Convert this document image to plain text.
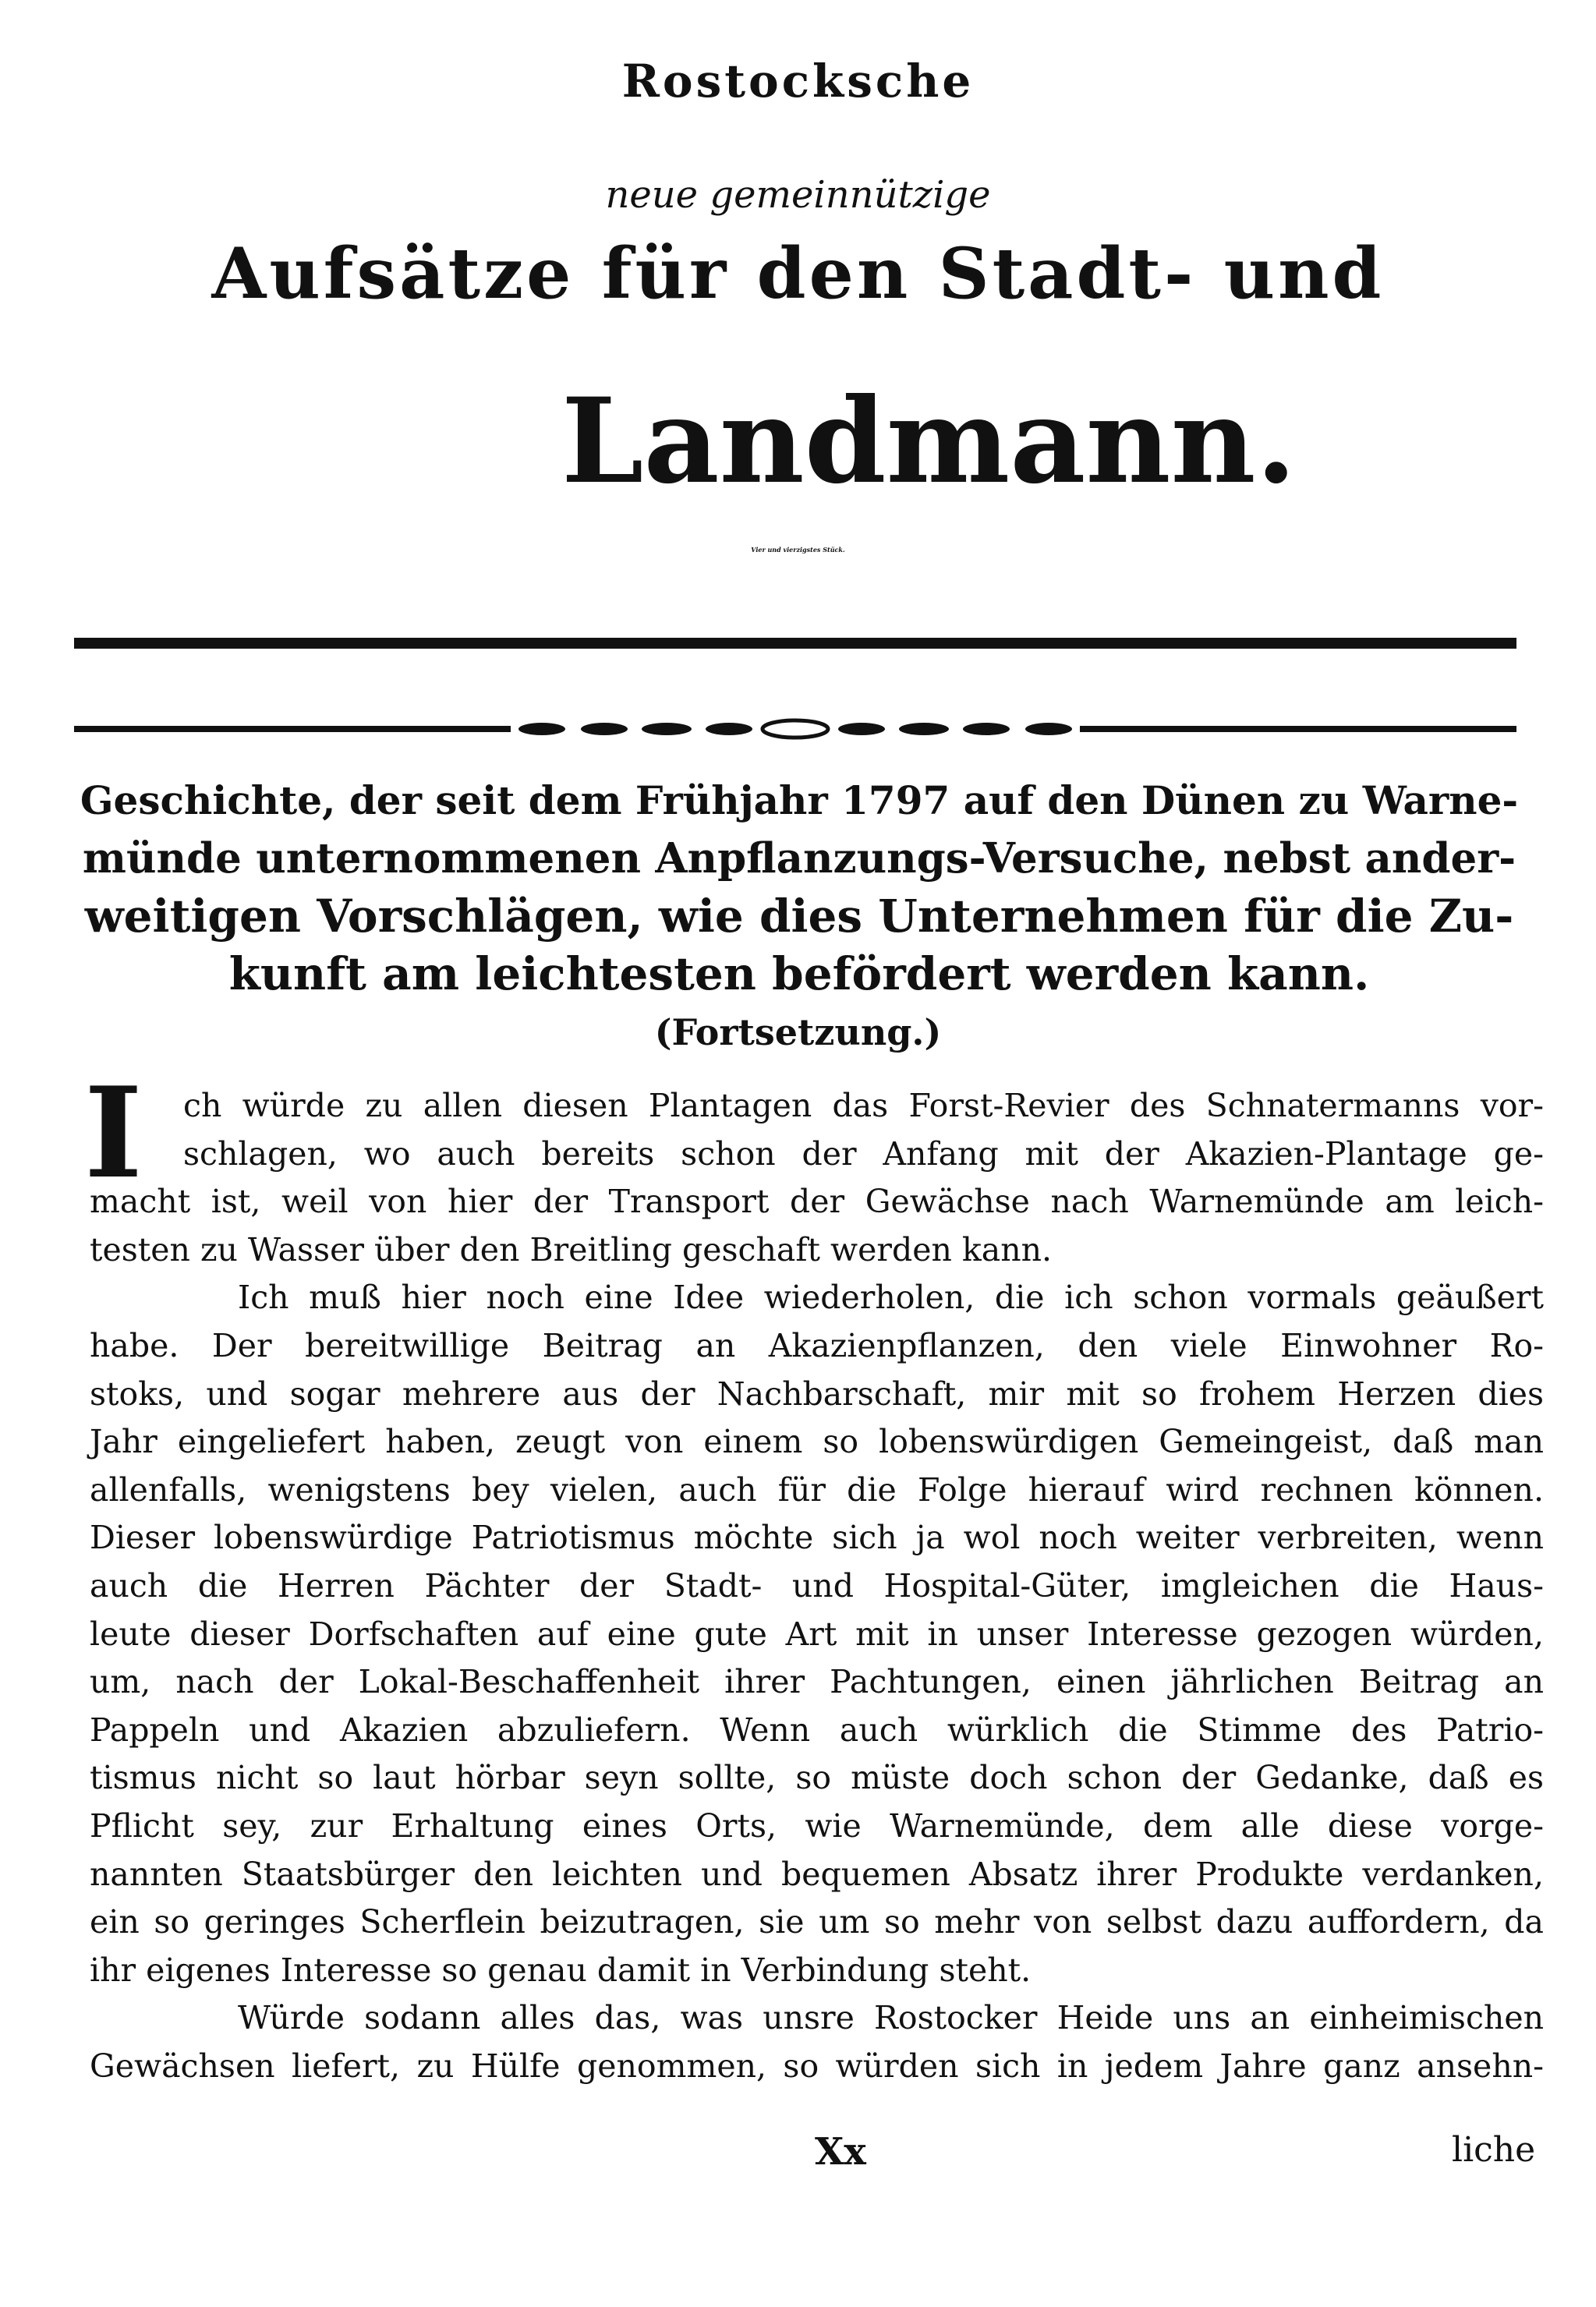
Rostocksche
neue gemeinnützige
Aufsätze für den Stadt- und
Landmann.
Vier und vierzigstes Stück.
Geschichte, der seit dem Frühjahr 1797 auf den Dünen zu Warne-
münde unternommenen Anpflanzungs-Versuche, nebst ander-
weitigen Vorschlägen, wie dies Unternehmen für die Zu-
kunft am leichtesten befördert werden kann.
(Fortsetzung.)
I	ch würde zu allen diesen Plantagen das Forst-Revier des Schnatermanns vor-
schlagen, wo auch bereits schon der Anfang mit der Akazien-Plantage ge-
macht ist, weil von hier der Transport der Gewächse nach Warnemünde am leich-
testen zu Wasser über den Breitling geschaft werden kann.
Ich muß hier noch eine Idee wiederholen, die ich schon vormals geäußert
habe. Der bereitwillige Beitrag an Akazienpflanzen, den viele Einwohner Ro-
stoks, und sogar mehrere aus der Nachbarschaft, mir mit so frohem Herzen dies
Jahr eingeliefert haben, zeugt von einem so lobenswürdigen Gemeingeist, daß man
allenfalls, wenigstens bey vielen, auch für die Folge hierauf wird rechnen können.
Dieser lobenswürdige Patriotismus möchte sich ja wol noch weiter verbreiten, wenn
auch die Herren Pächter der Stadt- und Hospital-Güter, imgleichen die Haus-
leute dieser Dorfschaften auf eine gute Art mit in unser Interesse gezogen würden,
um, nach der Lokal-Beschaffenheit ihrer Pachtungen, einen jährlichen Beitrag an
Pappeln und Akazien abzuliefern. Wenn auch würklich die Stimme des Patrio-
tismus nicht so laut hörbar seyn sollte, so müste doch schon der Gedanke, daß es
Pflicht sey, zur Erhaltung eines Orts, wie Warnemünde, dem alle diese vorge-
nannten Staatsbürger den leichten und bequemen Absatz ihrer Produkte verdanken,
ein so geringes Scherflein beizutragen, sie um so mehr von selbst dazu auffordern, da
ihr eigenes Interesse so genau damit in Verbindung steht.
Würde sodann alles das, was unsre Rostocker Heide uns an einheimischen
Gewächsen liefert, zu Hülfe genommen, so würden sich in jedem Jahre ganz ansehn-
Xx	liche
